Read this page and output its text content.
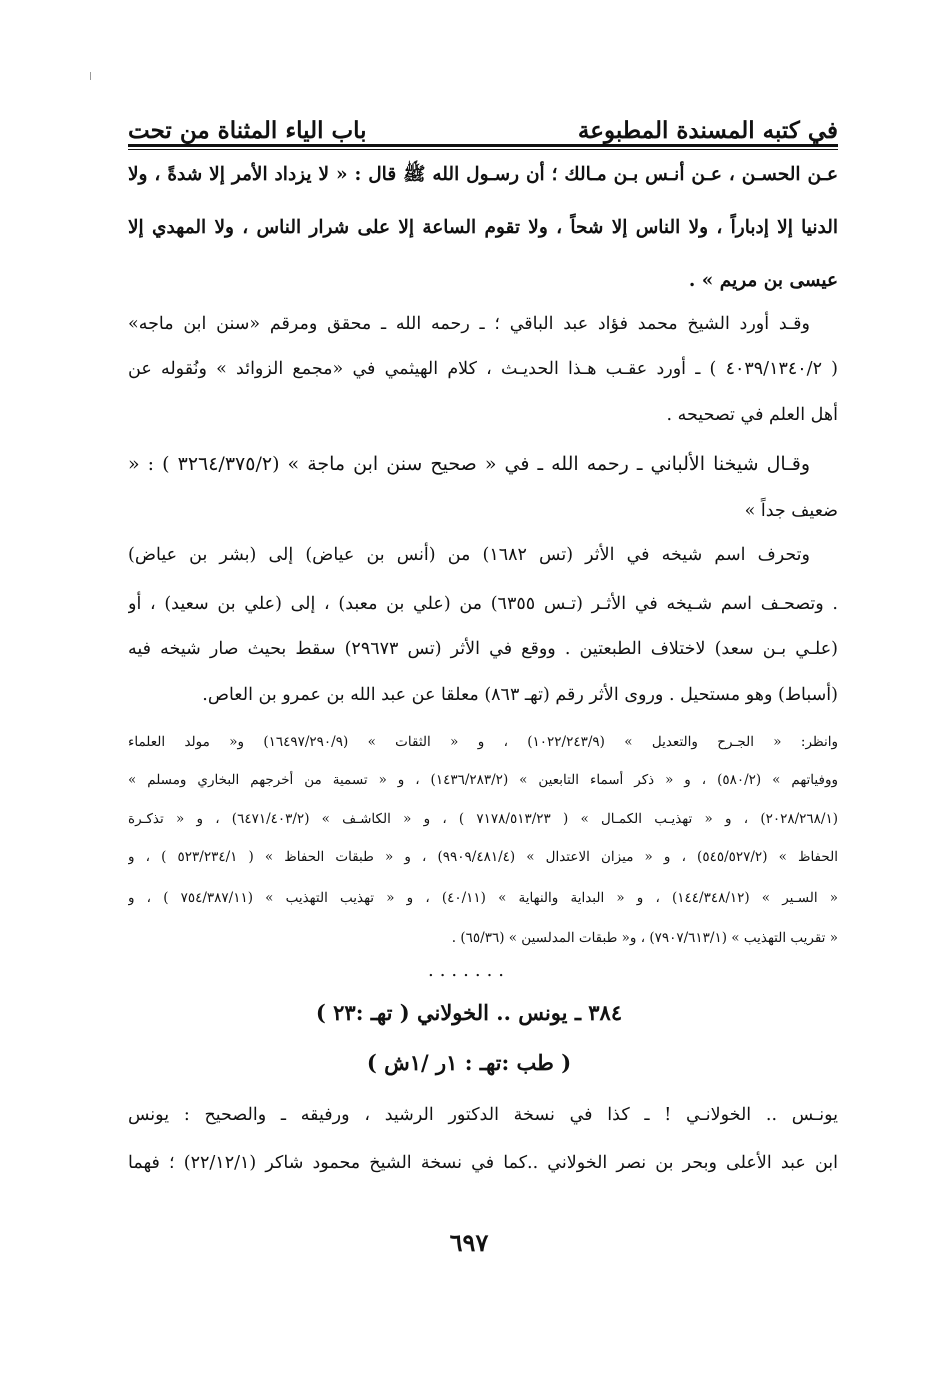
في كتبه المسندة المطبوعة
باب الياء المثناة من تحت
عـن الحسـن ، عـن أنـس بـن مـالك ؛ أن رسـول الله ﷺ قال : « لا يزداد الأمر إلا شدةً ، ولا
الدنيا إلا إدباراً ، ولا الناس إلا شحاً ، ولا تقوم الساعة إلا على شرار الناس ، ولا المهدي إلا
عيسى بن مريم » .
وقـد أورد الشيخ محمد فؤاد عبد الباقي ؛ ـ رحمه الله ـ محقق ومرقم «سنن ابن ماجه»
( ٤٠٣٩/١٣٤٠/٢ ) ـ أورد عقـب هـذا الحديـث ، كلام الهيثمي في «مجمع الزوائد » ونُقوله عن
أهل العلم في تصحيحه .
وقـال شيخنا الألباني ـ رحمه الله ـ في « صحيح سنن ابن ماجة » (٣٢٦٤/٣٧٥/٢ ) : «
ضعيف جداً »
وتحرف اسم شيخه في الأثر (تس ١٦٨٢) من (أنس بن عياض) إلى (بشر بن عياض)
. وتصحـف اسم شـيخه في الأثـر (تـس ٦٣٥٥) من (علي بن معبد) ، إلى (علي بن سعيد) ، أو
(علـي بـن سعد) لاختلاف الطبعتين . ووقع في الأثر (تس ٢٩٦٧٣) سقط بحيث صار شيخه فيه
(أسباط) وهو مستحيل . وروى الأثر رقم (تهـ ٨٦٣) معلقا عن عبد الله بن عمرو بن العاص.
وانظر: « الجـرح والتعديل » (١٠٢٢/٢٤٣/٩) ، و « الثقات » (١٦٤٩٧/٢٩٠/٩) و« مولد العلماء
ووفياتهم » (٥٨٠/٢) ، و « ذكر أسماء التابعين » (١٤٣٦/٢٨٣/٢) ، و « تسمية من أخرجهم البخاري ومسلم »
(٢٠٢٨/٢٦٨/١) ، و « تهذيـب الكمـال » ( ٧١٧٨/٥١٣/٢٣ ) ، و « الكاشـف » (٦٤٧١/٤٠٣/٢) ، و « تذكـرة
الحفاظ » (٥٤٥/٥٢٧/٢) ، و « ميزان الاعتدال » (٩٩٠٩/٤٨١/٤) ، و « طبقات الحفاظ » ( ٥٢٣/٢٣٤/١ ) ، و
« السـير » (١٤٤/٣٤٨/١٢) ، و « البداية والنهاية » (٤٠/١١) ، و « تهذيب التهذيب » (٧٥٤/٣٨٧/١١ ) ، و
« تقريب التهذيب » (٧٩٠٧/٦١٣/١) ، و« طبقات المدلسين » (٦٥/٣٦) .
.......
٣٨٤ ـ يونس .. الخولاني ( تهـ :٢٣ )
( طب :تهـ : ١ر /١ش )
يونـس .. الخولانـي ! ـ كذا في نسخة الدكتور الرشيد ، ورفيقه ـ والصحيح : يونس
ابن عبد الأعلى وبحر بن نصر الخولاني ..كما في نسخة الشيخ محمود شاكر (٢٢/١٢/١) ؛ فهما
٦٩٧
